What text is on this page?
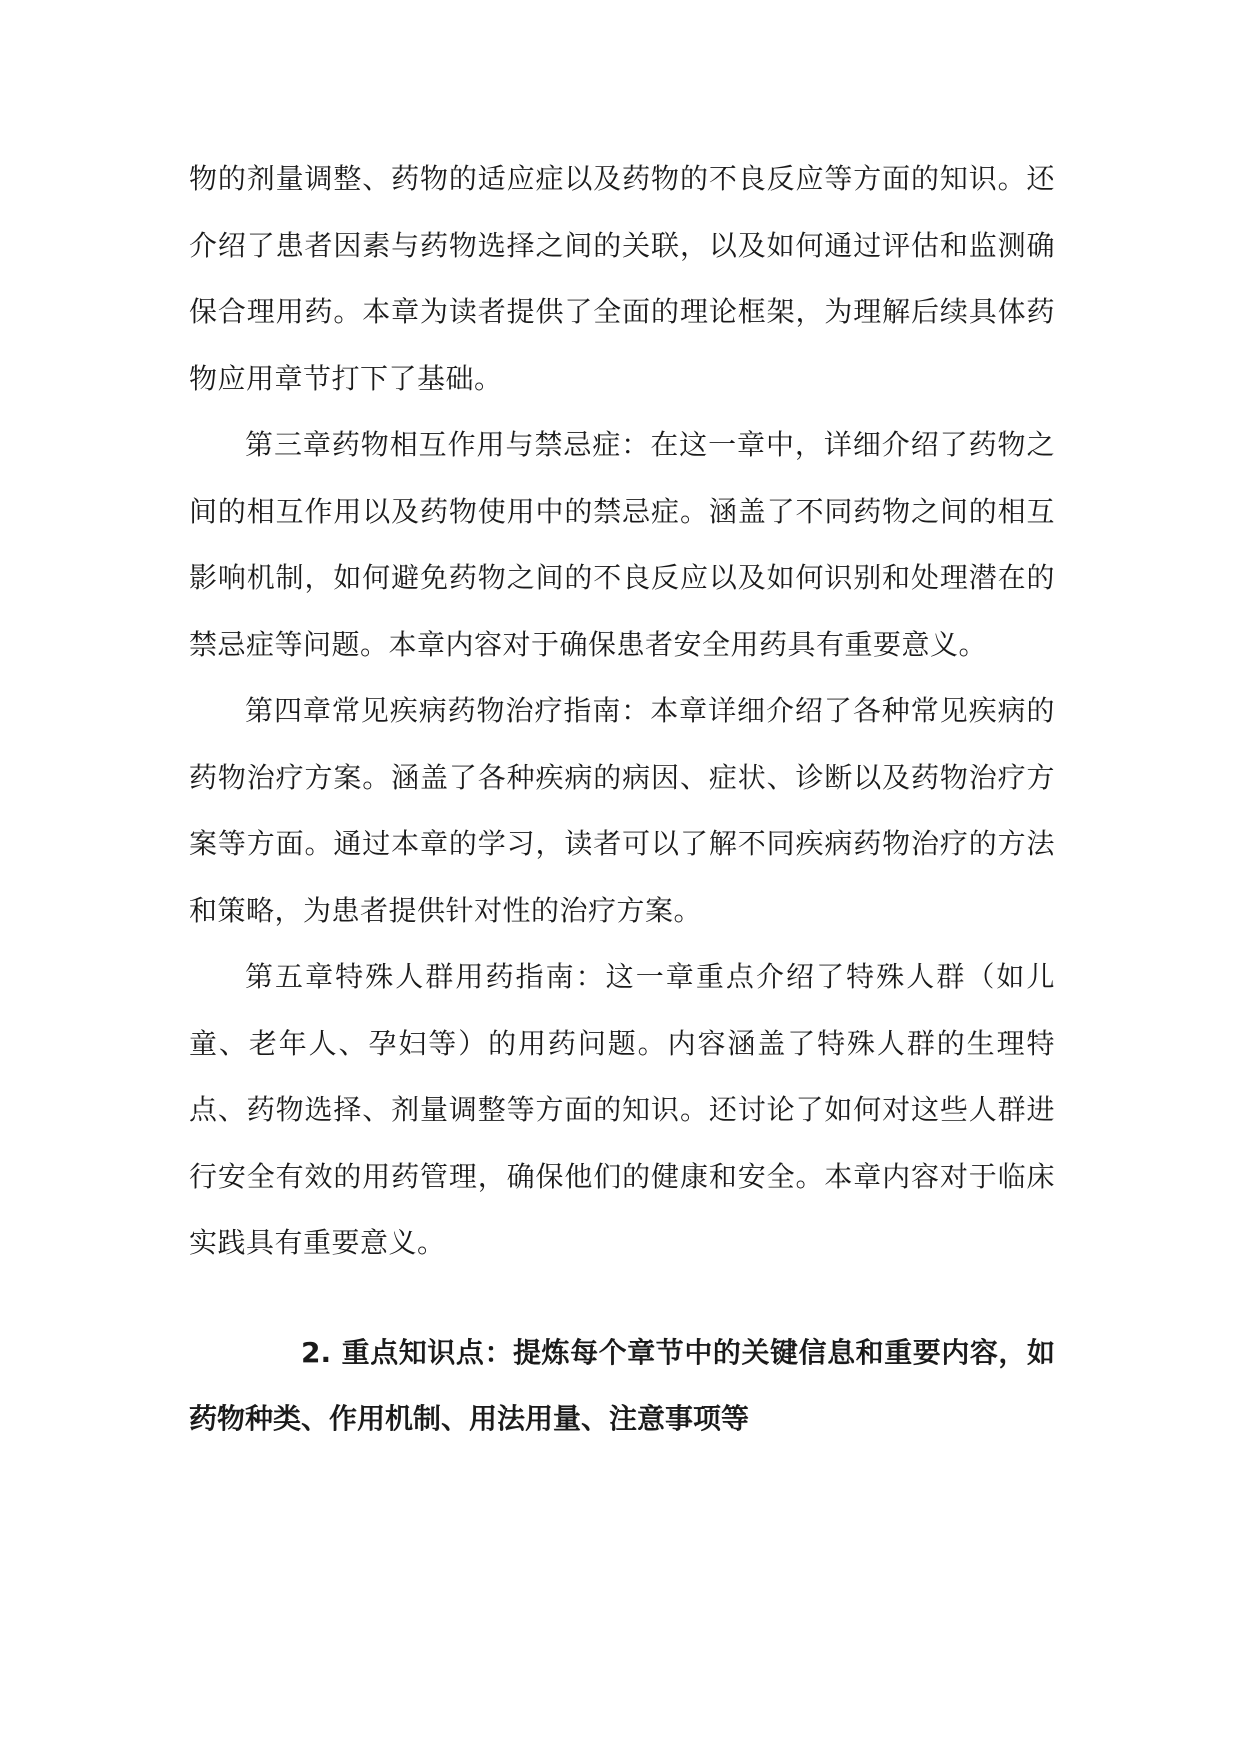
物的剂量调整、药物的适应症以及药物的不良反应等方面的知识。还介绍了患者因素与药物选择之间的关联，以及如何通过评估和监测确保合理用药。本章为读者提供了全面的理论框架，为理解后续具体药物应用章节打下了基础。

第三章药物相互作用与禁忌症：在这一章中，详细介绍了药物之间的相互作用以及药物使用中的禁忌症。涵盖了不同药物之间的相互影响机制，如何避免药物之间的不良反应以及如何识别和处理潜在的禁忌症等问题。本章内容对于确保患者安全用药具有重要意义。

第四章常见疾病药物治疗指南：本章详细介绍了各种常见疾病的药物治疗方案。涵盖了各种疾病的病因、症状、诊断以及药物治疗方案等方面。通过本章的学习，读者可以了解不同疾病药物治疗的方法和策略，为患者提供针对性的治疗方案。

第五章特殊人群用药指南：这一章重点介绍了特殊人群（如儿童、老年人、孕妇等）的用药问题。内容涵盖了特殊人群的生理特点、药物选择、剂量调整等方面的知识。还讨论了如何对这些人群进行安全有效的用药管理，确保他们的健康和安全。本章内容对于临床实践具有重要意义。

2. 重点知识点：提炼每个章节中的关键信息和重要内容，如药物种类、作用机制、用法用量、注意事项等
